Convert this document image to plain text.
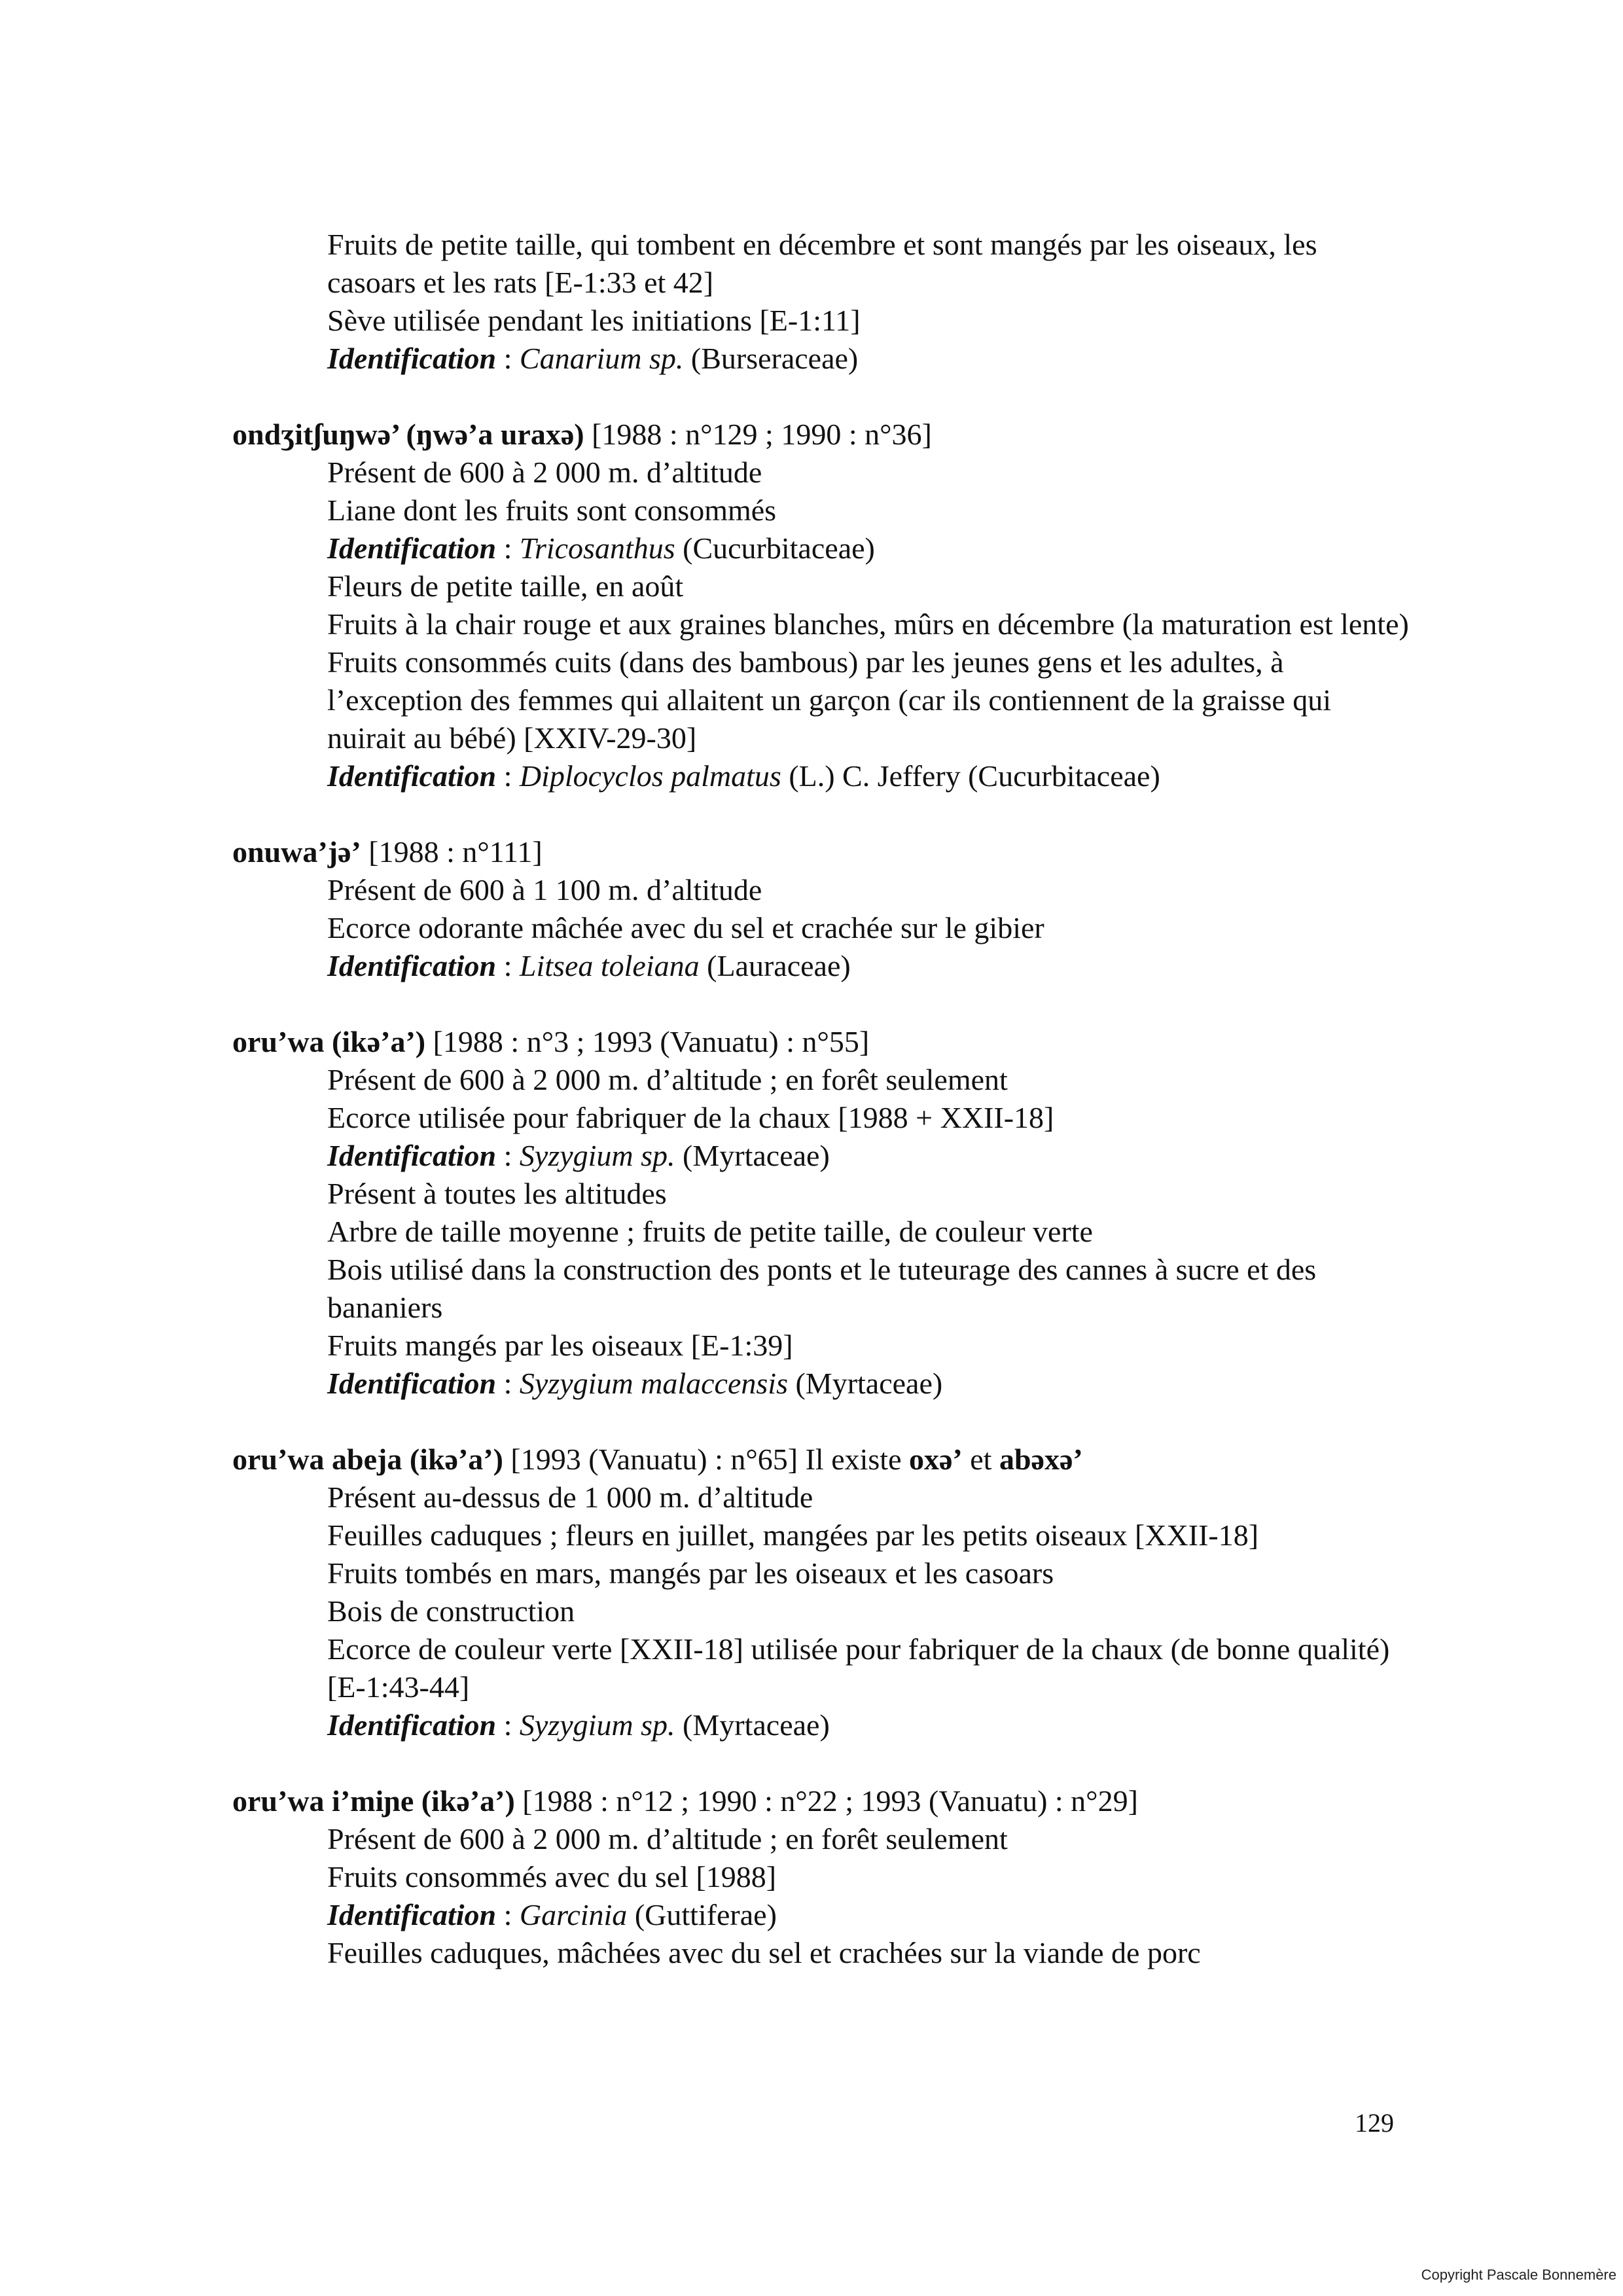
Fruits de petite taille, qui tombent en décembre et sont mangés par les oiseaux, les casoars et les rats [E-1:33 et 42]

Sève utilisée pendant les initiations [E-1:11]

Identification : Canarium sp. (Burseraceae)

ondʒitʃuŋwə’ (ŋwə’a uraxə) [1988 : n°129 ; 1990 : n°36]

Présent de 600 à 2 000 m. d’altitude

Liane dont les fruits sont consommés

Identification : Tricosanthus (Cucurbitaceae)

Fleurs de petite taille, en août

Fruits à la chair rouge et aux graines blanches, mûrs en décembre (la maturation est lente)

Fruits consommés cuits (dans des bambous) par les jeunes gens et les adultes, à l’exception des femmes qui allaitent un garçon (car ils contiennent de la graisse qui nuirait au bébé) [XXIV-29-30]

Identification : Diplocyclos palmatus (L.) C. Jeffery (Cucurbitaceae)

onuwa’jə’ [1988 : n°111]

Présent de 600 à 1 100 m. d’altitude

Ecorce odorante mâchée avec du sel et crachée sur le gibier

Identification : Litsea toleiana (Lauraceae)

oru’wa (ikə’a’) [1988 : n°3 ; 1993 (Vanuatu) : n°55]

Présent de 600 à 2 000 m. d’altitude ; en forêt seulement

Ecorce utilisée pour fabriquer de la chaux [1988 + XXII-18]

Identification : Syzygium sp. (Myrtaceae)

Présent à toutes les altitudes

Arbre de taille moyenne ; fruits de petite taille, de couleur verte

Bois utilisé dans la construction des ponts et le tuteurage des cannes à sucre et des bananiers

Fruits mangés par les oiseaux [E-1:39]

Identification : Syzygium malaccensis (Myrtaceae)

oru’wa abeja (ikə’a’) [1993 (Vanuatu) : n°65] Il existe oxə’ et abəxə’

Présent au-dessus de 1 000 m. d’altitude

Feuilles caduques ; fleurs en juillet, mangées par les petits oiseaux [XXII-18]

Fruits tombés en mars, mangés par les oiseaux et les casoars

Bois de construction

Ecorce de couleur verte [XXII-18] utilisée pour fabriquer de la chaux (de bonne qualité) [E-1:43-44]

Identification : Syzygium sp. (Myrtaceae)

oru’wa i’miɲe (ikə’a’) [1988 : n°12 ; 1990 : n°22 ; 1993 (Vanuatu) : n°29]

Présent de 600 à 2 000 m. d’altitude ; en forêt seulement

Fruits consommés avec du sel [1988]

Identification : Garcinia (Guttiferae)

Feuilles caduques, mâchées avec du sel et crachées sur la viande de porc

129
Copyright Pascale Bonnemère
